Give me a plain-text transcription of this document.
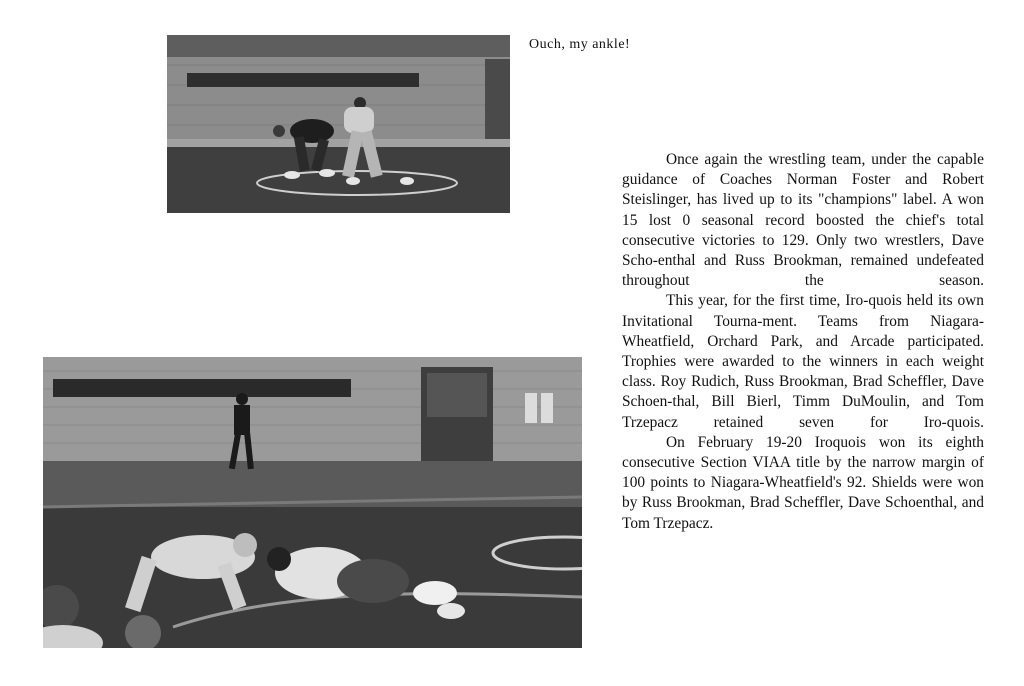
Ouch, my ankle!

Once again the wrestling team, under the capable guidance of Coaches Norman Foster and Robert Steislinger, has lived up to its "champions" label. A won 15 lost 0 seasonal record boosted the chief's total consecutive victories to 129. Only two wrestlers, Dave Scho-enthal and Russ Brookman, remained undefeated throughout the season.

This year, for the first time, Iro-quois held its own Invitational Tourna-ment. Teams from Niagara-Wheatfield, Orchard Park, and Arcade participated. Trophies were awarded to the winners in each weight class. Roy Rudich, Russ Brookman, Brad Scheffler, Dave Schoen-thal, Bill Bierl, Timm DuMoulin, and Tom Trzepacz retained seven for Iro-quois.

On February 19-20 Iroquois won its eighth consecutive Section VIAA title by the narrow margin of 100 points to Niagara-Wheatfield's 92. Shields were won by Russ Brookman, Brad Scheffler, Dave Schoenthal, and Tom Trzepacz.
